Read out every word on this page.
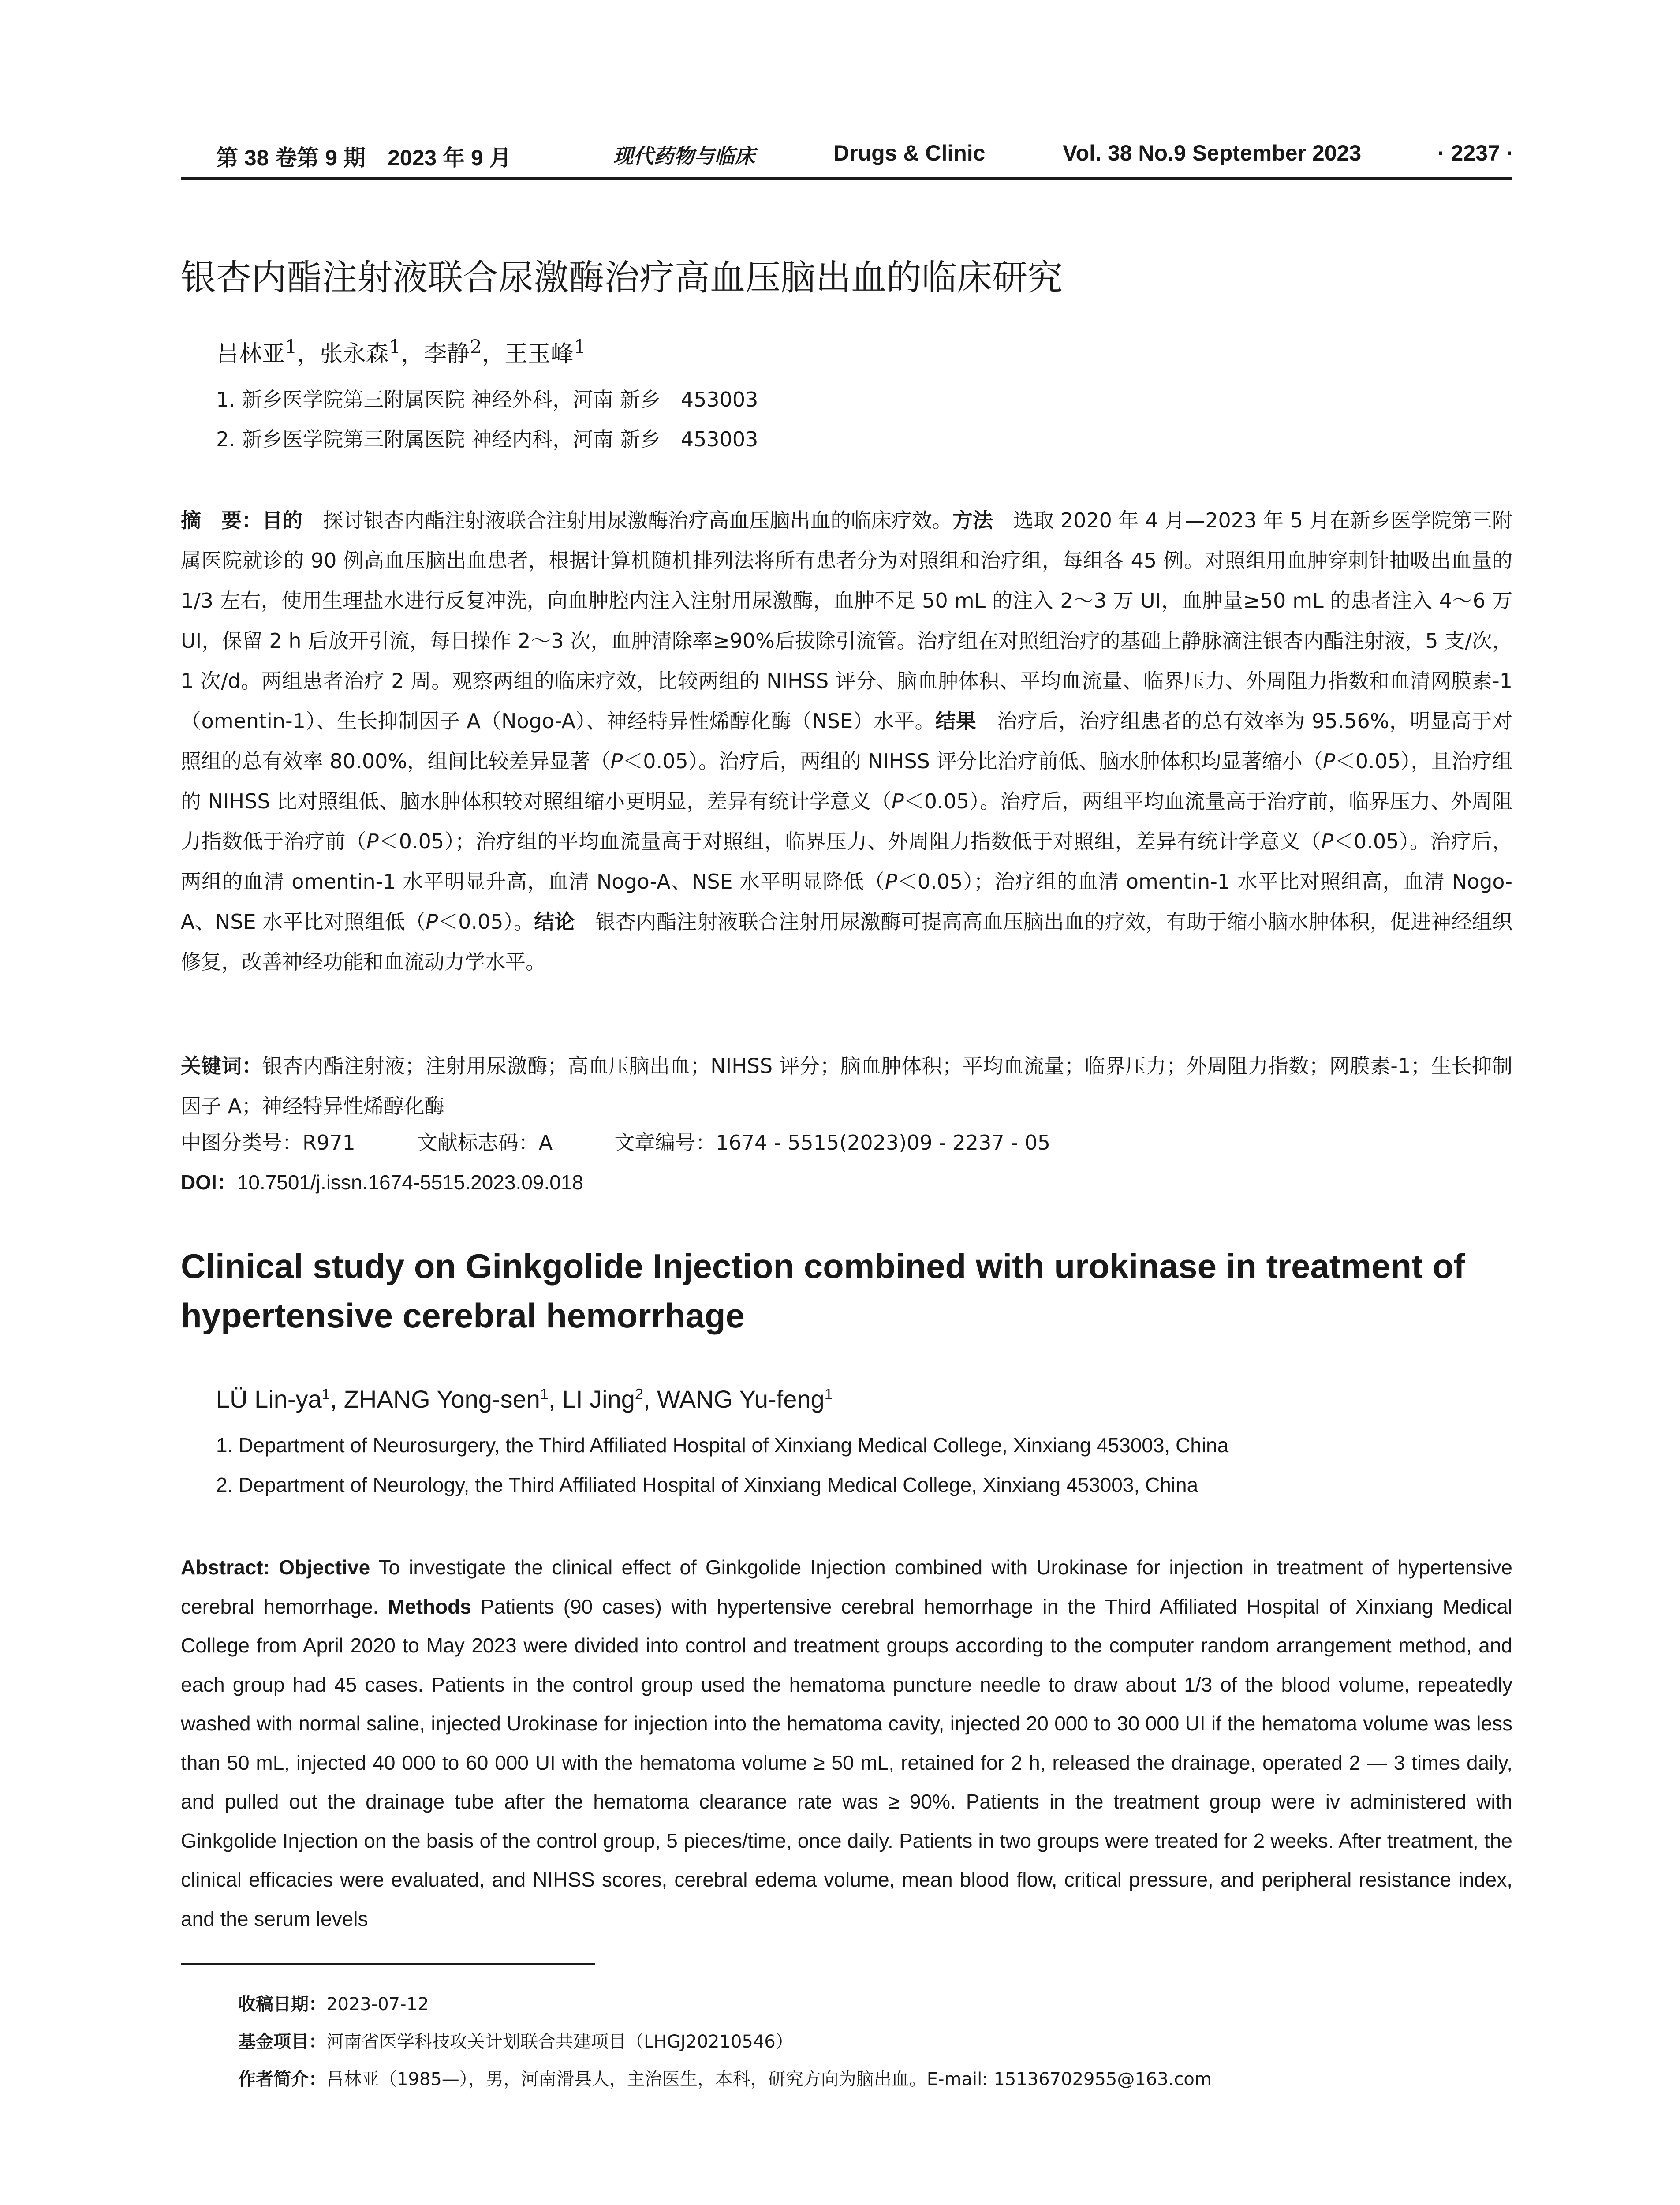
第 38 卷第 9 期　2023 年 9 月	现代药物与临床	Drugs & Clinic	Vol. 38 No.9 September 2023	· 2237 ·
银杏内酯注射液联合尿激酶治疗高血压脑出血的临床研究
吕林亚$^1$，张永森$^1$，李静$^2$，王玉峰$^1$
1. 新乡医学院第三附属医院 神经外科，河南 新乡　453003
2. 新乡医学院第三附属医院 神经内科，河南 新乡　453003
摘　要：目的　探讨银杏内酯注射液联合注射用尿激酶治疗高血压脑出血的临床疗效。方法　选取 2020 年 4 月—2023 年 5 月在新乡医学院第三附属医院就诊的 90 例高血压脑出血患者，根据计算机随机排列法将所有患者分为对照组和治疗组，每组各 45 例。对照组用血肿穿刺针抽吸出血量的 1/3 左右，使用生理盐水进行反复冲洗，向血肿腔内注入注射用尿激酶，血肿不足 50 mL 的注入 2～3 万 UI，血肿量≥50 mL 的患者注入 4～6 万 UI，保留 2 h 后放开引流，每日操作 2～3 次，血肿清除率≥90%后拔除引流管。治疗组在对照组治疗的基础上静脉滴注银杏内酯注射液，5 支/次，1 次/d。两组患者治疗 2 周。观察两组的临床疗效，比较两组的 NIHSS 评分、脑血肿体积、平均血流量、临界压力、外周阻力指数和血清网膜素-1（omentin-1）、生长抑制因子 A（Nogo-A）、神经特异性烯醇化酶（NSE）水平。结果　治疗后，治疗组患者的总有效率为 95.56%，明显高于对照组的总有效率 80.00%，组间比较差异显著（P＜0.05）。治疗后，两组的 NIHSS 评分比治疗前低、脑水肿体积均显著缩小（P＜0.05），且治疗组的 NIHSS 比对照组低、脑水肿体积较对照组缩小更明显，差异有统计学意义（P＜0.05）。治疗后，两组平均血流量高于治疗前，临界压力、外周阻力指数低于治疗前（P＜0.05）；治疗组的平均血流量高于对照组，临界压力、外周阻力指数低于对照组，差异有统计学意义（P＜0.05）。治疗后，两组的血清 omentin-1 水平明显升高，血清 Nogo-A、NSE 水平明显降低（P＜0.05）；治疗组的血清 omentin-1 水平比对照组高，血清 Nogo-A、NSE 水平比对照组低（P＜0.05）。结论　银杏内酯注射液联合注射用尿激酶可提高高血压脑出血的疗效，有助于缩小脑水肿体积，促进神经组织修复，改善神经功能和血流动力学水平。
关键词：银杏内酯注射液；注射用尿激酶；高血压脑出血；NIHSS 评分；脑血肿体积；平均血流量；临界压力；外周阻力指数；网膜素-1；生长抑制因子 A；神经特异性烯醇化酶
中图分类号：R971	文献标志码：A	文章编号：1674 - 5515(2023)09 - 2237 - 05
DOI：10.7501/j.issn.1674-5515.2023.09.018
Clinical study on Ginkgolide Injection combined with urokinase in treatment of hypertensive cerebral hemorrhage
LÜ Lin-$ya^1$, ZHANG Yong-sen$^1$, LI Jing$^2$, WANG Yu-feng$^1$
1. Department of Neurosurgery, the Third Affiliated Hospital of Xinxiang Medical College, Xinxiang 453003, China
2. Department of Neurology, the Third Affiliated Hospital of Xinxiang Medical College, Xinxiang 453003, China
Abstract: Objective To investigate the clinical effect of Ginkgolide Injection combined with Urokinase for injection in treatment of hypertensive cerebral hemorrhage. Methods Patients (90 cases) with hypertensive cerebral hemorrhage in the Third Affiliated Hospital of Xinxiang Medical College from April 2020 to May 2023 were divided into control and treatment groups according to the computer random arrangement method, and each group had 45 cases. Patients in the control group used the hematoma puncture needle to draw about 1/3 of the blood volume, repeatedly washed with normal saline, injected Urokinase for injection into the hematoma cavity, injected 20 000 to 30 000 UI if the hematoma volume was less than 50 mL, injected 40 000 to 60 000 UI with the hematoma volume ≥ 50 mL, retained for 2 h, released the drainage, operated 2 — 3 times daily, and pulled out the drainage tube after the hematoma clearance rate was ≥ 90%. Patients in the treatment group were iv administered with Ginkgolide Injection on the basis of the control group, 5 pieces/time, once daily. Patients in two groups were treated for 2 weeks. After treatment, the clinical efficacies were evaluated, and NIHSS scores, cerebral edema volume, mean blood flow, critical pressure, and peripheral resistance index, and the serum levels
收稿日期：2023-07-12
基金项目：河南省医学科技攻关计划联合共建项目（LHGJ20210546）
作者简介：吕林亚（1985—），男，河南滑县人，主治医生，本科，研究方向为脑出血。E-mail: 15136702955@163.com
